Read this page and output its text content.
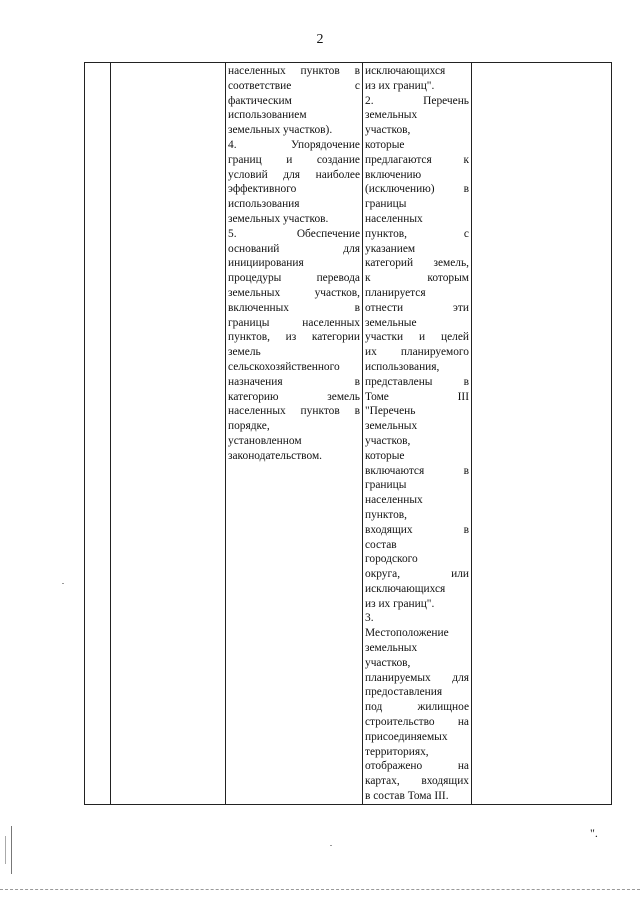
2

населенных пунктов в
соответствие с
фактическим
использованием
земельных участков).
4. Упорядочение
границ и создание
условий для наиболее
эффективного
использования
земельных участков.
5. Обеспечение
оснований для
инициирования
процедуры перевода
земельных участков,
включенных в
границы населенных
пунктов, из категории
земель
сельскохозяйственного
назначения в
категорию земель
населенных пунктов в
порядке,
установленном
законодательством.

исключающихся
из их границ".
2. Перечень
земельных
участков,
которые
предлагаются к
включению
(исключению) в
границы
населенных
пунктов, с
указанием
категорий земель,
к которым
планируется
отнести эти
земельные
участки и целей
их планируемого
использования,
представлены в
Томе III
"Перечень
земельных
участков,
которые
включаются в
границы
населенных
пунктов,
входящих в
состав
городского
округа, или
исключающихся
из их границ".
3.
Местоположение
земельных
участков,
планируемых для
предоставления
под жилищное
строительство на
присоединяемых
территориях,
отображено на
картах, входящих
в состав Тома III.

".
